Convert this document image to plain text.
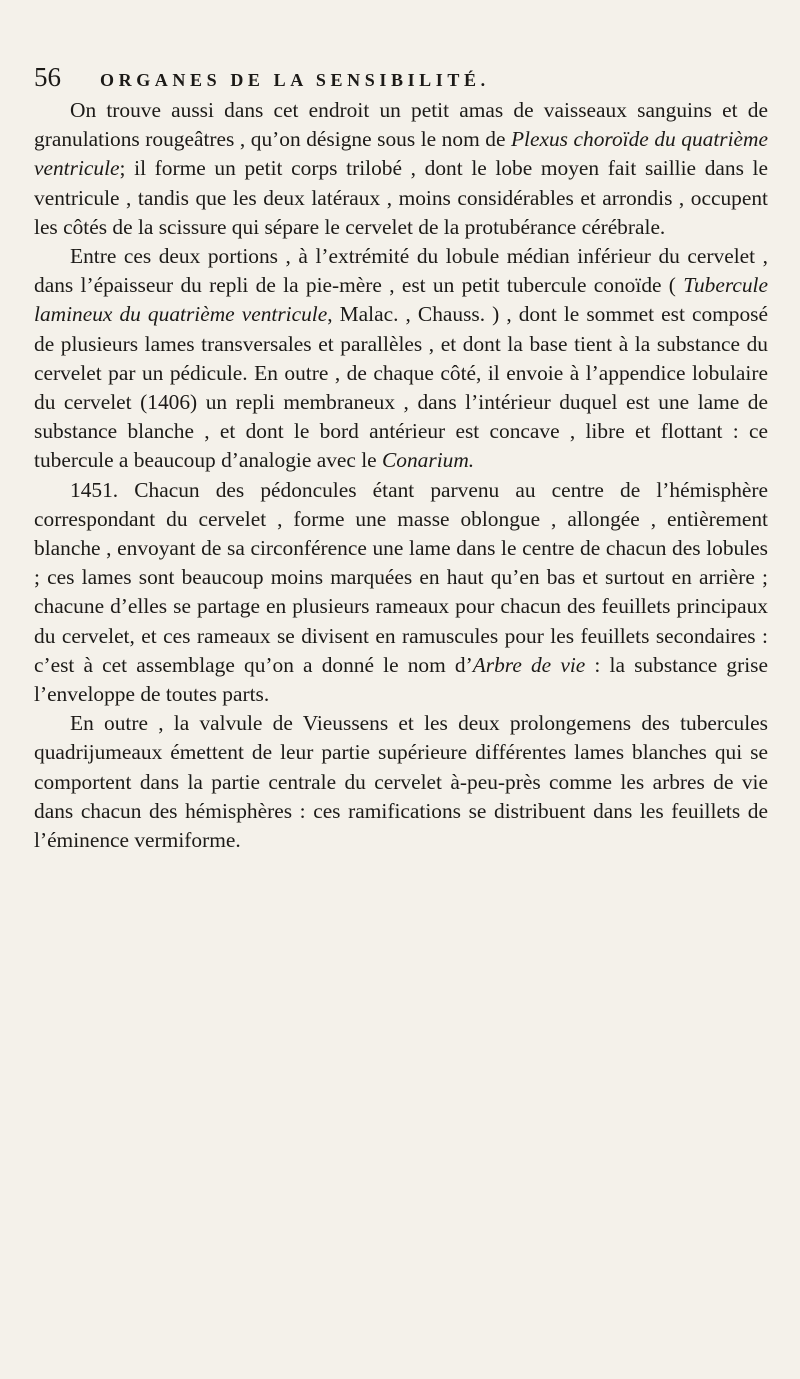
56	ORGANES DE LA SENSIBILITÉ.

On trouve aussi dans cet endroit un petit amas de vaisseaux sanguins et de granulations rougeâtres , qu’on désigne sous le nom de Plexus choroïde du quatrième ventricule; il forme un petit corps trilobé , dont le lobe moyen fait saillie dans le ventricule , tandis que les deux latéraux , moins considérables et arrondis , occupent les côtés de la scissure qui sépare le cervelet de la protubérance cérébrale.

Entre ces deux portions , à l’extrémité du lobule médian inférieur du cervelet , dans l’épaisseur du repli de la pie-mère , est un petit tubercule conoïde ( Tubercule lamineux du quatrième ventricule, Malac. , Chauss. ) , dont le sommet est composé de plusieurs lames transversales et parallèles , et dont la base tient à la substance du cervelet par un pédicule. En outre , de chaque côté, il envoie à l’appendice lobulaire du cervelet (1406) un repli membraneux , dans l’intérieur duquel est une lame de substance blanche , et dont le bord antérieur est concave , libre et flottant : ce tubercule a beaucoup d’analogie avec le Conarium.

1451. Chacun des pédoncules étant parvenu au centre de l’hémisphère correspondant du cervelet , forme une masse oblongue , allongée , entièrement blanche , envoyant de sa circonférence une lame dans le centre de chacun des lobules ; ces lames sont beaucoup moins marquées en haut qu’en bas et surtout en arrière ; chacune d’elles se partage en plusieurs rameaux pour chacun des feuillets principaux du cervelet, et ces rameaux se divisent en ramuscules pour les feuillets secondaires : c’est à cet assemblage qu’on a donné le nom d’Arbre de vie : la substance grise l’enveloppe de toutes parts.

En outre , la valvule de Vieussens et les deux prolongemens des tubercules quadrijumeaux émettent de leur partie supérieure différentes lames blanches qui se comportent dans la partie centrale du cervelet à-peu-près comme les arbres de vie dans chacun des hémisphères : ces ramifications se distribuent dans les feuillets de l’éminence vermiforme.
